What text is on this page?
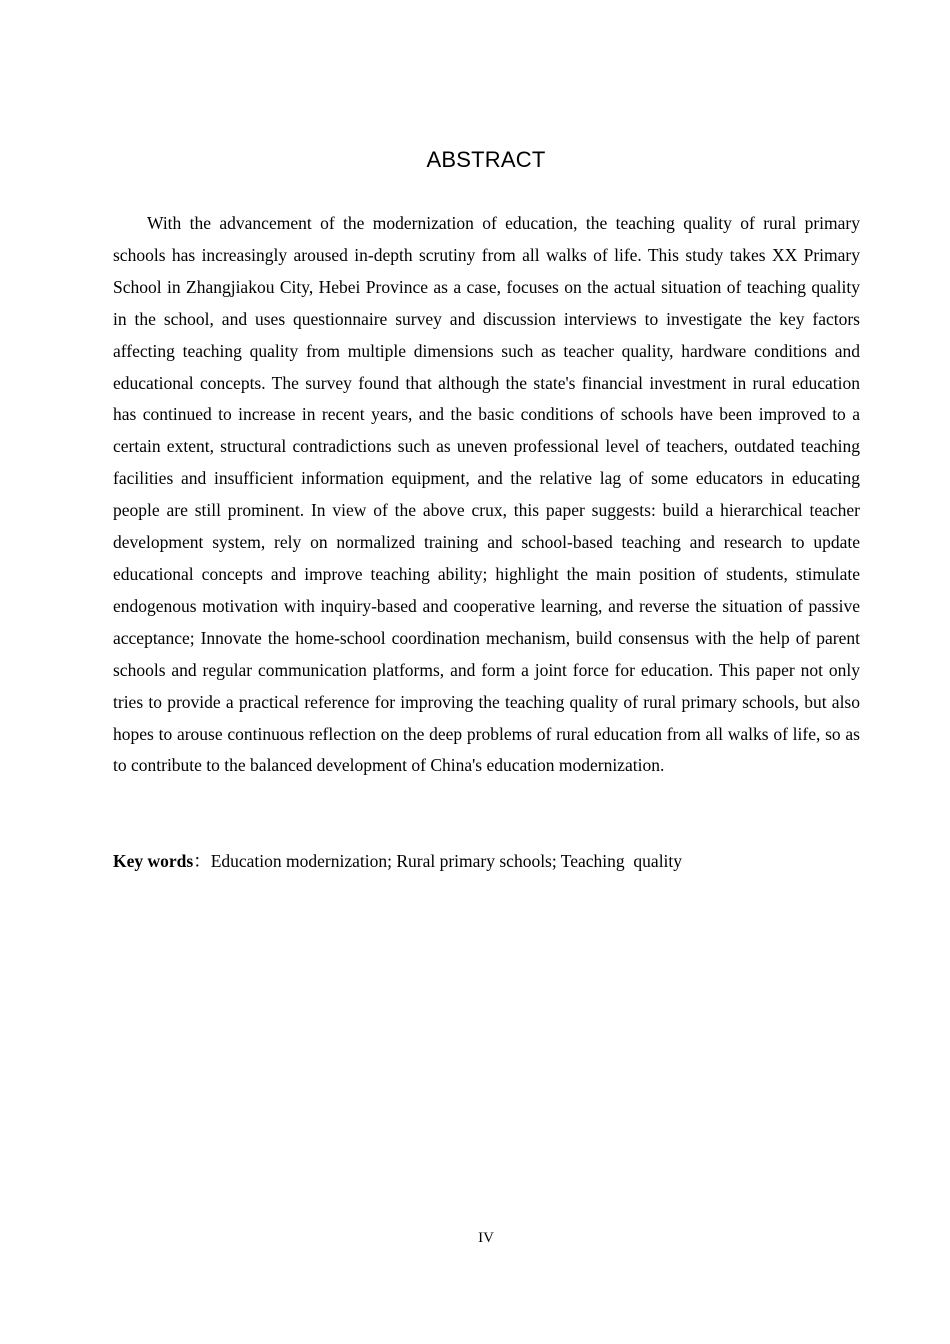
ABSTRACT

With the advancement of the modernization of education, the teaching quality of rural primary schools has increasingly aroused in-depth scrutiny from all walks of life. This study takes XX Primary School in Zhangjiakou City, Hebei Province as a case, focuses on the actual situation of teaching quality in the school, and uses questionnaire survey and discussion interviews to investigate the key factors affecting teaching quality from multiple dimensions such as teacher quality, hardware conditions and educational concepts. The survey found that although the state's financial investment in rural education has continued to increase in recent years, and the basic conditions of schools have been improved to a certain extent, structural contradictions such as uneven professional level of teachers, outdated teaching facilities and insufficient information equipment, and the relative lag of some educators in educating people are still prominent. In view of the above crux, this paper suggests: build a hierarchical teacher development system, rely on normalized training and school-based teaching and research to update educational concepts and improve teaching ability; highlight the main position of students, stimulate endogenous motivation with inquiry-based and cooperative learning, and reverse the situation of passive acceptance; Innovate the home-school coordination mechanism, build consensus with the help of parent schools and regular communication platforms, and form a joint force for education. This paper not only tries to provide a practical reference for improving the teaching quality of rural primary schools, but also hopes to arouse continuous reflection on the deep problems of rural education from all walks of life, so as to contribute to the balanced development of China's education modernization.

Key words：Education modernization; Rural primary schools; Teaching  quality

IV
